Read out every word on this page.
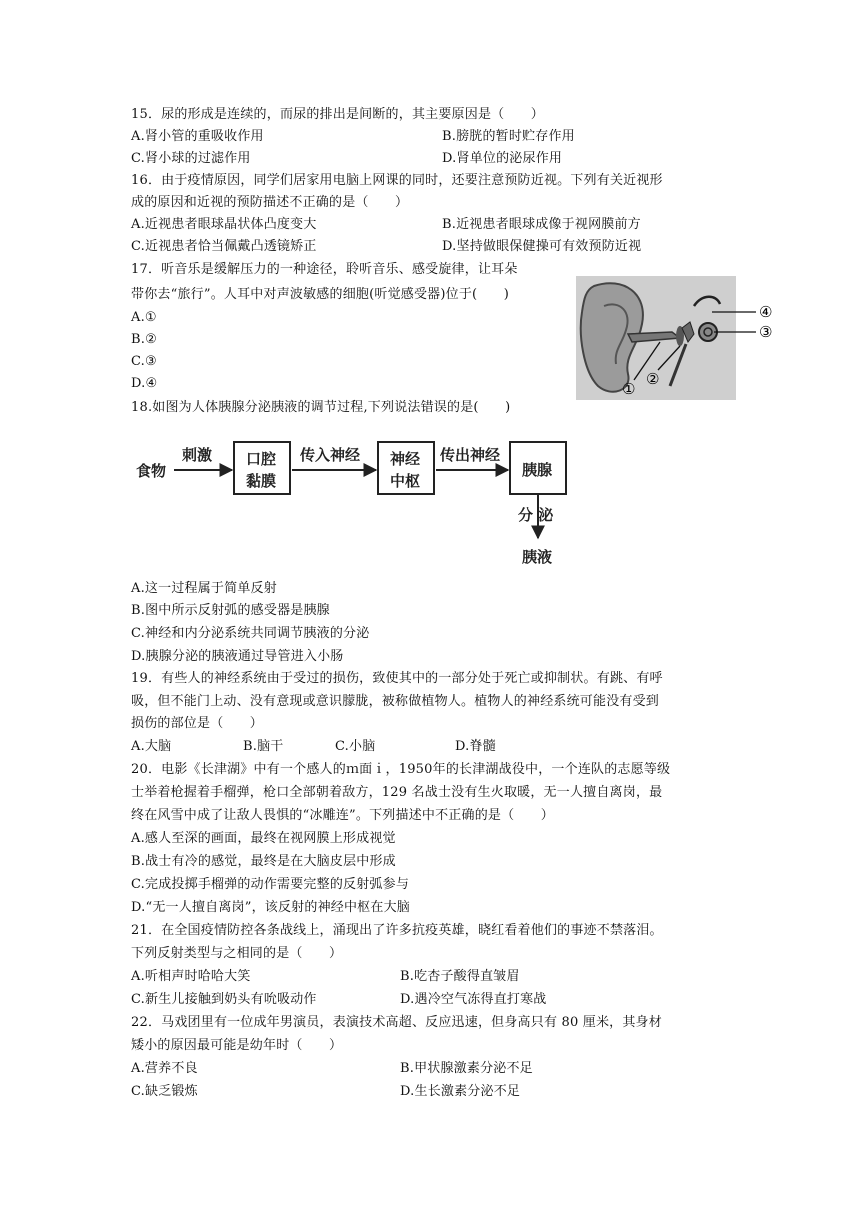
15．尿的形成是连续的，而尿的排出是间断的，其主要原因是（　　）
A.肾小管的重吸收作用	B.膀胱的暂时贮存作用
C.肾小球的过滤作用	D.肾单位的泌尿作用
16．由于疫情原因，同学们居家用电脑上网课的同时，还要注意预防近视。下列有关近视形
成的原因和近视的预防描述不正确的是（　　）
A.近视患者眼球晶状体凸度变大	B.近视患者眼球成像于视网膜前方
C.近视患者恰当佩戴凸透镜矫正	D.坚持做眼保健操可有效预防近视
17．听音乐是缓解压力的一种途径，聆听音乐、感受旋律，让耳朵
带你去“旅行”。人耳中对声波敏感的细胞(听觉感受器)位于(　　)
A.①
B.②
C.③
D.④
④
③
②
①
18.如图为人体胰腺分泌胰液的调节过程,下列说法错误的是(　　)
食物
刺激 口腔
黏膜
传入神经 神经
中枢
传出神经
胰腺
分 泌
胰液
A.这一过程属于简单反射
B.图中所示反射弧的感受器是胰腺
C.神经和内分泌系统共同调节胰液的分泌
D.胰腺分泌的胰液通过导管进入小肠
19．有些人的神经系统由于受过的损伤，致使其中的一部分处于死亡或抑制状。有跳、有呼
吸，但不能门上动、没有意现或意识朦胧，被称做植物人。植物人的神经系统可能没有受到
损伤的部位是（　　）
A.大脑	B.脑干	C.小脑	D.脊髓
20．电影《长津湖》中有一个感人的ｍ面ｉ，1950年的长津湖战役中，一个连队的志愿等级
士举着枪握着手榴弹，枪口全部朝着敌方，129 名战士没有生火取暖，无一人擅自离岗，最
终在风雪中成了让敌人畏惧的“冰雕连”。下列描述中不正确的是（　　）
A.感人至深的画面，最终在视网膜上形成视觉
B.战士有冷的感觉，最终是在大脑皮层中形成
C.完成投掷手榴弹的动作需要完整的反射弧参与
D.“无一人擅自离岗”，该反射的神经中枢在大脑
21．在全国疫情防控各条战线上，涌现出了许多抗疫英雄，晓红看着他们的事迹不禁落泪。
下列反射类型与之相同的是（　　）
A.听相声时哈哈大笑	B.吃杏子酸得直皱眉
C.新生儿接触到奶头有吮吸动作	D.遇冷空气冻得直打寒战
22．马戏团里有一位成年男演员，表演技术高超、反应迅速，但身高只有 80 厘米，其身材
矮小的原因最可能是幼年时（　　）
A.营养不良	B.甲状腺激素分泌不足
C.缺乏锻炼	D.生长激素分泌不足
